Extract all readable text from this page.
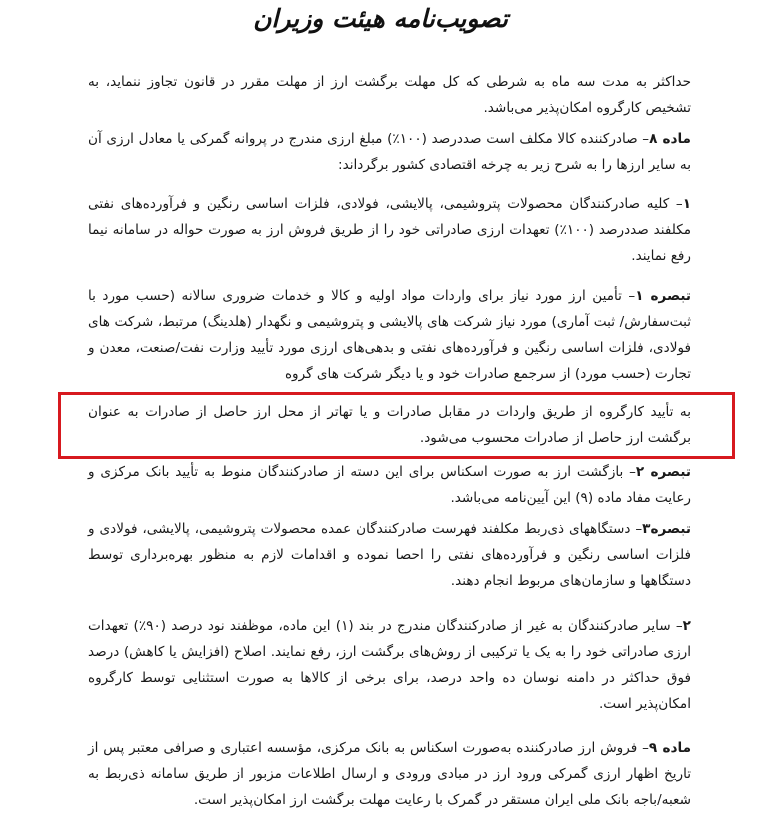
تصویب‌نامه هیئت وزیران

حداکثر به مدت سه ماه به شرطی که کل مهلت برگشت ارز از مهلت مقرر در قانون تجاوز ننماید، به تشخیص کارگروه امکان‌پذیر می‌باشد.

ماده ۸– صادرکننده کالا مکلف است صددرصد (۱۰۰٪) مبلغ ارزی مندرج در پروانه گمرکی یا معادل ارزی آن به سایر ارزها را به شرح زیر به چرخه اقتصادی کشور برگرداند:

۱– کلیه صادرکنندگان محصولات پتروشیمی، پالایشی، فولادی، فلزات اساسی رنگین و فرآورده‌های نفتی مکلفند صددرصد (۱۰۰٪) تعهدات ارزی صادراتی خود را از طریق فروش ارز به صورت حواله در سامانه نیما رفع نمایند.

تبصره ۱– تأمین ارز مورد نیاز برای واردات مواد اولیه و کالا و خدمات ضروری سالانه (حسب مورد با ثبت‌سفارش/ ثبت آماری) مورد نیاز شرکت های پالایشی و پتروشیمی و نگهدار (هلدینگ) مرتبط، شرکت های فولادی، فلزات اساسی رنگین و فرآورده‌های نفتی و بدهی‌های ارزی مورد تأیید وزارت نفت/صنعت، معدن و تجارت (حسب مورد) از سرجمع صادرات خود و یا دیگر شرکت های گروه

به تأیید کارگروه از طریق واردات در مقابل صادرات و یا تهاتر از محل ارز حاصل از صادرات به عنوان برگشت ارز حاصل از صادرات محسوب می‌شود.

تبصره ۲– بازگشت ارز به صورت اسکناس برای این دسته از صادرکنندگان منوط به تأیید بانک مرکزی و رعایت مفاد ماده (۹) این آیین‌نامه می‌باشد.

تبصره۳– دستگاههای ذی‌ربط مکلفند فهرست صادرکنندگان عمده محصولات پتروشیمی، پالایشی، فولادی و فلزات اساسی رنگین و فرآورده‌های نفتی را احصا نموده و اقدامات لازم به منظور بهره‌برداری توسط دستگاهها و سازمان‌های مربوط انجام دهند.

۲– سایر صادرکنندگان به غیر از صادرکنندگان مندرج در بند (۱) این ماده، موظفند نود درصد (۹۰٪) تعهدات ارزی صادراتی خود را به یک یا ترکیبی از روش‌های برگشت ارز، رفع نمایند. اصلاح (افزایش یا کاهش) درصد فوق حداکثر در دامنه نوسان ده واحد درصد، برای برخی از کالاها به صورت استثنایی توسط کارگروه امکان‌پذیر است.

ماده ۹– فروش ارز صادرکننده به‌صورت اسکناس به بانک مرکزی، مؤسسه اعتباری و صرافی معتبر پس از تاریخ اظهار ارزی گمرکی ورود ارز در مبادی ورودی و ارسال اطلاعات مزبور از طریق سامانه ذی‌ربط به شعبه/باجه بانک ملی ایران مستقر در گمرک با رعایت مهلت برگشت ارز امکان‌پذیر است.
